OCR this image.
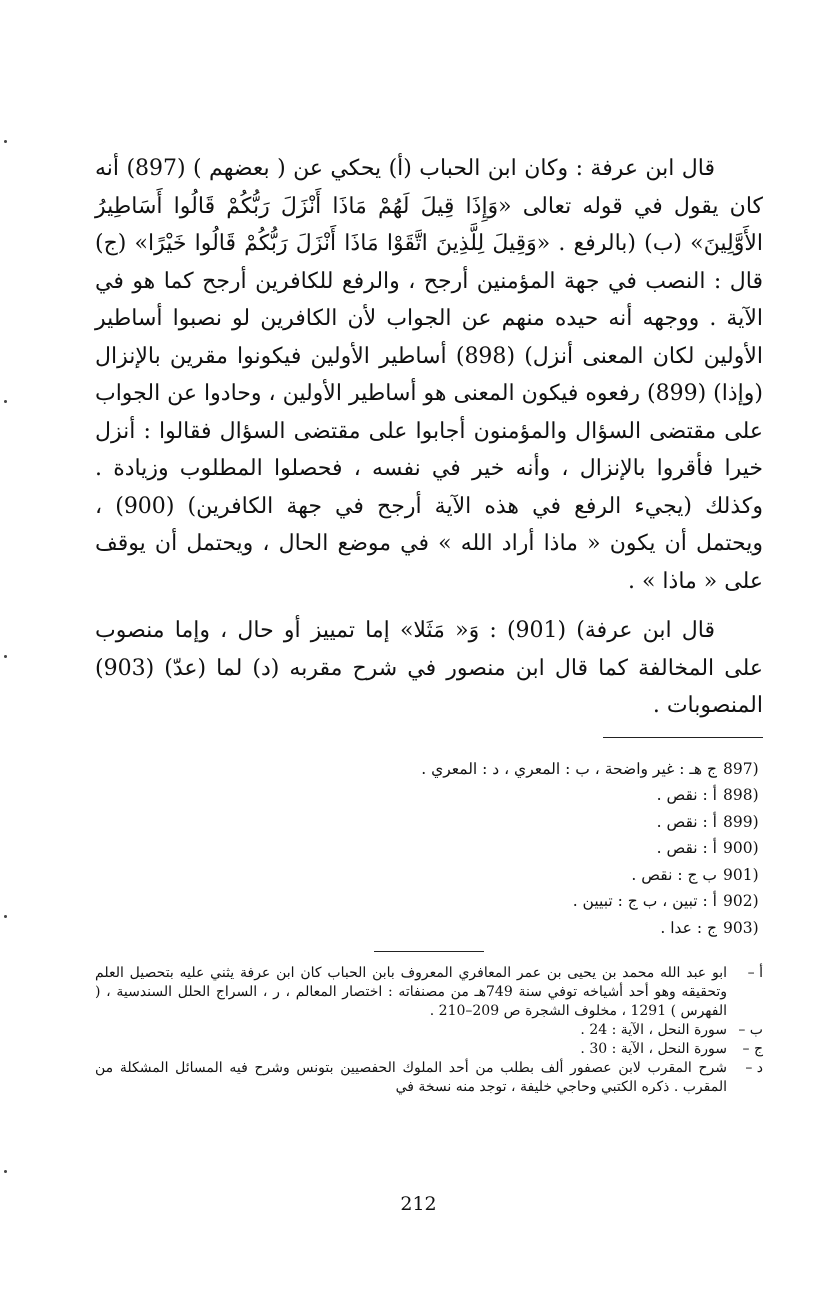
قال ابن عرفة : وكان ابن الحباب (أ) يحكي عن ( بعضهم ) (897) أنه كان يقول في قوله تعالى «وَإِذَا قِيلَ لَهُمْ مَاذَا أَنْزَلَ رَبُّكُمْ قَالُوا أَسَاطِيرُ الأَوَّلِينَ» (ب) (بالرفع . «وَقِيلَ لِلَّذِينَ اتَّقَوْا مَاذَا أَنْزَلَ رَبُّكُمْ قَالُوا خَيْرًا» (ج) قال : النصب في جهة المؤمنين أرجح ، والرفع للكافرين أرجح كما هو في الآية . ووجهه أنه حيده منهم عن الجواب لأن الكافرين لو نصبوا أساطير الأولين لكان المعنى أنزل) (898) أساطير الأولين فيكونوا مقرين بالإنزال (وإذا) (899) رفعوه فيكون المعنى هو أساطير الأولين ، وحادوا عن الجواب على مقتضى السؤال والمؤمنون أجابوا على مقتضى السؤال فقالوا : أنزل خيرا فأقروا بالإنزال ، وأنه خير في نفسه ، فحصلوا المطلوب وزيادة . وكذلك (يجيء الرفع في هذه الآية أرجح في جهة الكافرين) (900) ، ويحتمل أن يكون « ماذا أراد الله » في موضع الحال ، ويحتمل أن يوقف على « ماذا » .

قال ابن عرفة) (901) : وَ« مَثَلا» إما تمييز أو حال ، وإما منصوب على المخالفة كما قال ابن منصور في شرح مقربه (د) لما (عدّ) (903) المنصوبات .

897)
ج هـ : غير واضحة ، ب : المعري ، د : المعري .
898)
أ : نقص .
899)
أ : نقص .
900)
أ : نقص .
901)
ب ج : نقص .
902)
أ : تبين ، ب ج : تبيين .
903)
ج : عدا .
أ –
ابو عبد الله محمد بن يحيى بن عمر المعافري المعروف بابن الحباب كان ابن عرفة يثني عليه بتحصيل العلم وتحقيقه وهو أحد أشياخه توفي سنة 749هـ من مصنفاته : اختصار المعالم ، ر ، السراج الحلل السندسية ، ( الفهرس ) 1291 ، مخلوف الشجرة ص 209–210 .
ب –
سورة النحل ، الآية : 24 .
ج –
سورة النحل ، الآية : 30 .
د –
شرح المقرب لابن عصفور ألف بطلب من أحد الملوك الحفصيين بتونس وشرح فيه المسائل المشكلة من المقرب . ذكره الكتبي وحاجي خليفة ، توجد منه نسخة في
212
